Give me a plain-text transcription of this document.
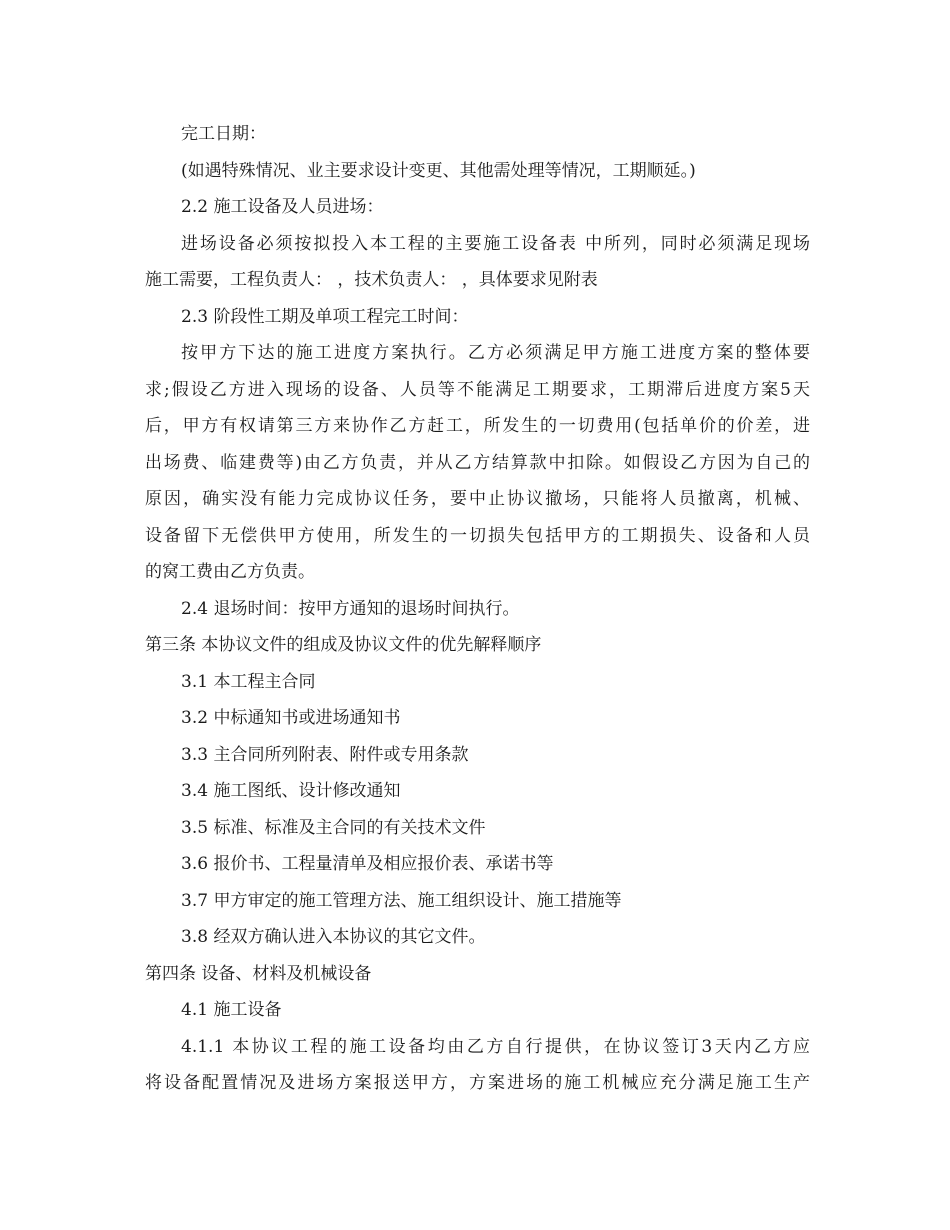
完工日期：
(如遇特殊情况、业主要求设计变更、其他需处理等情况，工期顺延。)
2.2 施工设备及人员进场：
进场设备必须按拟投入本工程的主要施工设备表 中所列，同时必须满足现场
施工需要，工程负责人： ，技术负责人： ，具体要求见附表
2.3 阶段性工期及单项工程完工时间：
按甲方下达的施工进度方案执行。乙方必须满足甲方施工进度方案的整体要
求;假设乙方进入现场的设备、人员等不能满足工期要求，工期滞后进度方案5天
后，甲方有权请第三方来协作乙方赶工，所发生的一切费用(包括单价的价差，进
出场费、临建费等)由乙方负责，并从乙方结算款中扣除。如假设乙方因为自己的
原因，确实没有能力完成协议任务，要中止协议撤场，只能将人员撤离，机械、
设备留下无偿供甲方使用，所发生的一切损失包括甲方的工期损失、设备和人员
的窝工费由乙方负责。
2.4 退场时间：按甲方通知的退场时间执行。
第三条 本协议文件的组成及协议文件的优先解释顺序
3.1 本工程主合同
3.2 中标通知书或进场通知书
3.3 主合同所列附表、附件或专用条款
3.4 施工图纸、设计修改通知
3.5 标准、标准及主合同的有关技术文件
3.6 报价书、工程量清单及相应报价表、承诺书等
3.7 甲方审定的施工管理方法、施工组织设计、施工措施等
3.8 经双方确认进入本协议的其它文件。
第四条 设备、材料及机械设备
4.1 施工设备
4.1.1 本协议工程的施工设备均由乙方自行提供，在协议签订3天内乙方应
将设备配置情况及进场方案报送甲方，方案进场的施工机械应充分满足施工生产
